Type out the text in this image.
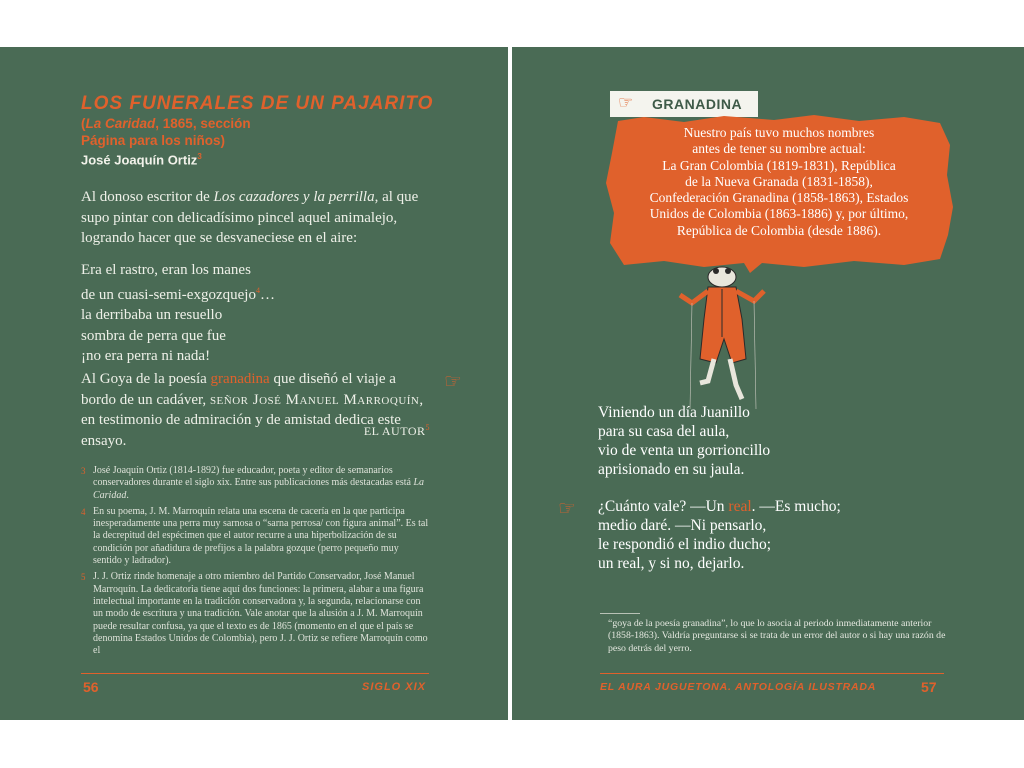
LOS FUNERALES DE UN PAJARITO
(La Caridad, 1865, sección
Página para los niños)
José Joaquín Ortiz$^3$
Al donoso escritor de Los cazadores y la perrilla, al que supo pintar con delicadísimo pincel aquel animalejo, logrando hacer que se desvaneciese en el aire:
Era el rastro, eran los manes
de un cuasi-semi-exgozquejo$^4$…
la derribaba un resuello
sombra de perra que fue
¡no era perra ni nada!
Al Goya de la poesía granadina que diseñó el viaje a bordo de un cadáver, señor José Manuel Marroquín, en testimonio de admiración y de amistad dedica este ensayo.
EL AUTOR$^5$
☞
3 José Joaquín Ortiz (1814-1892) fue educador, poeta y editor de semanarios conservadores durante el siglo xix. Entre sus publicaciones más destacadas está La Caridad.
4 En su poema, J. M. Marroquín relata una escena de cacería en la que participa inesperadamente una perra muy sarnosa o “sarna perrosa/ con figura animal”. Es tal la decrepitud del espécimen que el autor recurre a una hiperbolización de su condición por añadidura de prefijos a la palabra gozque (perro pequeño muy sentido y ladrador).
5 J. J. Ortiz rinde homenaje a otro miembro del Partido Conservador, José Manuel Marroquín. La dedicatoria tiene aquí dos funciones: la primera, alabar a una figura intelectual importante en la tradición conservadora y, la segunda, relacionarse con un modo de escritura y una tradición. Vale anotar que la alusión a J. M. Marroquín puede resultar confusa, ya que el texto es de 1865 (momento en el que el país se denomina Estados Unidos de Colombia), pero J. J. Ortiz se refiere Marroquín como el
56	SIGLO XIX
☞ GRANADINA
Nuestro país tuvo muchos nombres
antes de tener su nombre actual:
La Gran Colombia (1819-1831), República
de la Nueva Granada (1831-1858),
Confederación Granadina (1858-1863), Estados
Unidos de Colombia (1863-1886) y, por último,
República de Colombia (desde 1886).
Viniendo un día Juanillo
para su casa del aula,
vio de venta un gorrioncillo
aprisionado en su jaula.
¿Cuánto vale? —Un real. —Es mucho;
medio daré. —Ni pensarlo,
le respondió el indio ducho;
un real, y si no, dejarlo.
☞
“goya de la poesía granadina”, lo que lo asocia al periodo inmediatamente anterior (1858-1863). Valdría preguntarse si se trata de un error del autor o si hay una razón de peso detrás del yerro.
EL AURA JUGUETONA. ANTOLOGÍA ILUSTRADA	57
